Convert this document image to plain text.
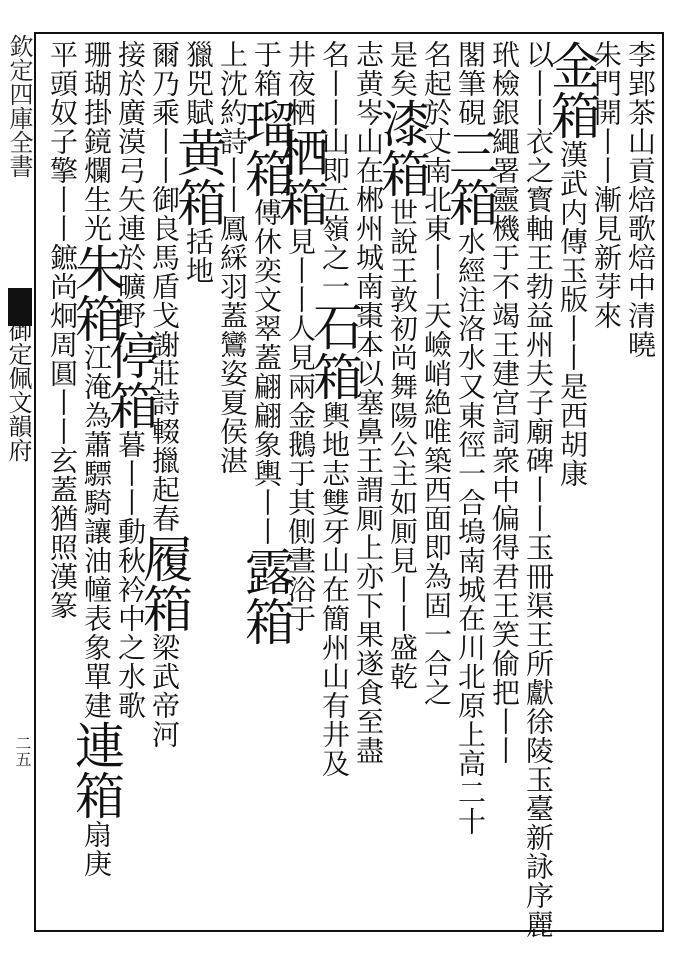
欽定四庫全書
御定佩文韻府
二五
李郢茶山貢焙歌焙中清曉
朱門開丨丨漸見新芽來
金箱漢武内傳玉版丨丨是西胡康
以丨丨衣之寳軸王勃益州夫子廟碑丨丨玉冊渠王所獻徐陵玉臺新詠序麗
玳檢銀繩署靈機于不竭王建宫詞衆中偏得君王笑偷把丨丨
閣筆硯三箱水經注洛水又東徑一合塢南城在川北原上高二十
名起於丈南北東丨丨天嶮峭絶唯築西面即為固一合之
是矣漆箱世說王敦初尚舞陽公主如厠見丨丨盛乾
志黄岑山在郴州城南棗本以塞鼻王謂厠上亦下果遂食至盡
名丨丨山即五嶺之一石箱輿地志雙牙山在簡州山有井及
井夜栖栖箱見丨丨人見兩金鵝于其側晝浴于
于箱瑠箱傅休奕文翠蓋翩翩象輿丨丨露箱
上沈約詩丨丨鳳綵羽蓋鸞姿夏侯湛
獵兕賦黄箱括地
爾乃乘丨丨御良馬盾戈謝莊詩輟擸起春履箱梁武帝河
接於廣漠弓矢連於曠野停箱暮丨丨動秋衿中之水歌
珊瑚掛鏡爛生光朱箱江淹為蕭驃騎讓油幢表象單建連箱扇庚
平頭奴子擎丨丨鏣尚炯周圓丨丨玄蓋猶照漢篆
